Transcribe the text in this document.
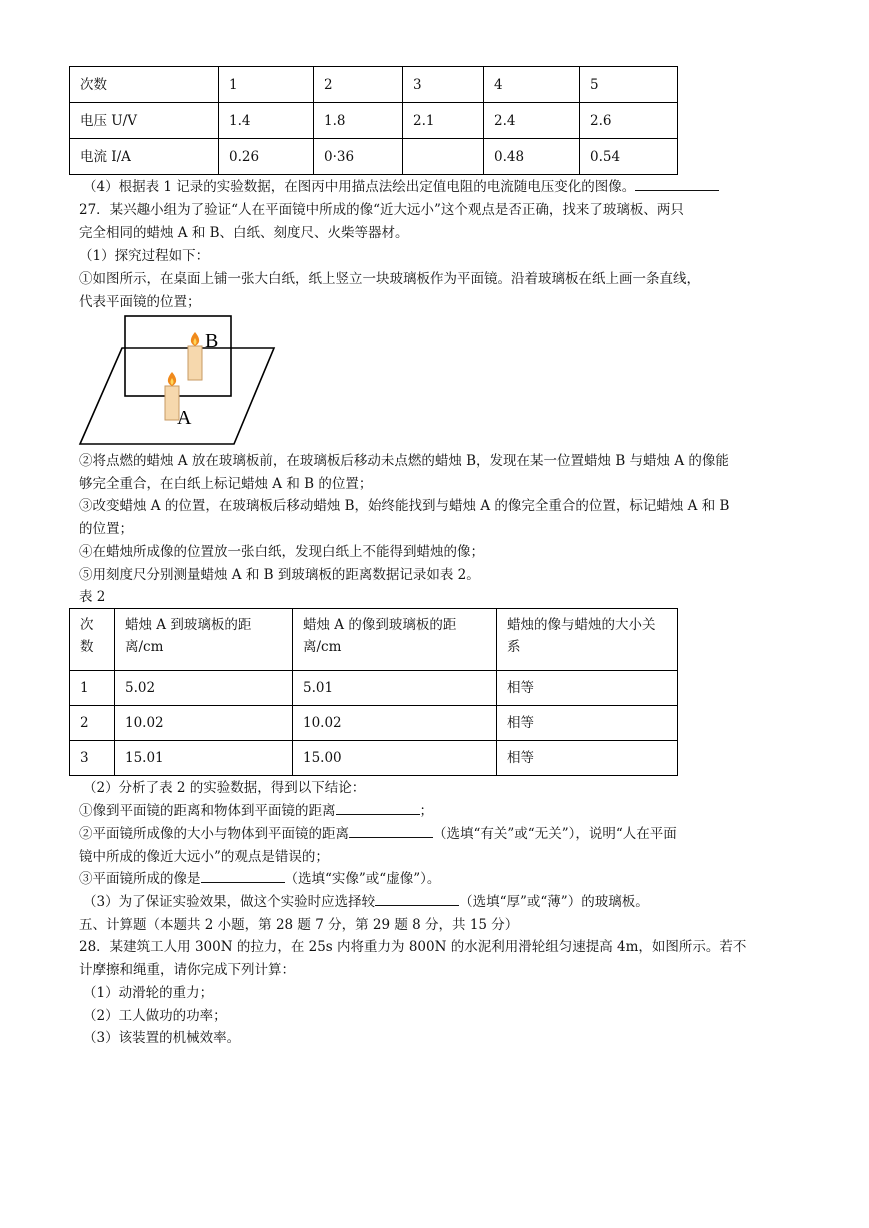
次数	1	2	3	4	5
电压 U/V	1.4	1.8	2.1	2.4	2.6
电流 I/A	0.26	0·36		0.48	0.54
（4）根据表 1 记录的实验数据，在图丙中用描点法绘出定值电阻的电流随电压变化的图像。
27．某兴趣小组为了验证“人在平面镜中所成的像“近大远小”这个观点是否正确，找来了玻璃板、两只
完全相同的蜡烛 A 和 B、白纸、刻度尺、火柴等器材。
（1）探究过程如下：
①如图所示，在桌面上铺一张大白纸，纸上竖立一块玻璃板作为平面镜。沿着玻璃板在纸上画一条直线，
代表平面镜的位置；
B
A
②将点燃的蜡烛 A 放在玻璃板前，在玻璃板后移动未点燃的蜡烛 B，发现在某一位置蜡烛 B 与蜡烛 A 的像能
够完全重合，在白纸上标记蜡烛 A 和 B 的位置；
③改变蜡烛 A 的位置，在玻璃板后移动蜡烛 B，始终能找到与蜡烛 A 的像完全重合的位置，标记蜡烛 A 和 B
的位置；
④在蜡烛所成像的位置放一张白纸，发现白纸上不能得到蜡烛的像；
⑤用刻度尺分别测量蜡烛 A 和 B 到玻璃板的距离数据记录如表 2。
表 2
次数	蜡烛 A 到玻璃板的距离/cm	蜡烛 A 的像到玻璃板的距离/cm	蜡烛的像与蜡烛的大小关系
1	5.02	5.01	相等
2	10.02	10.02	相等
3	15.01	15.00	相等
（2）分析了表 2 的实验数据，得到以下结论：
①像到平面镜的距离和物体到平面镜的距离	；
②平面镜所成像的大小与物体到平面镜的距离	（选填“有关”或“无关”），说明“人在平面
镜中所成的像近大远小”的观点是错误的；
③平面镜所成的像是	（选填“实像”或“虚像”）。
（3）为了保证实验效果，做这个实验时应选择较	（选填“厚”或“薄”）的玻璃板。
五、计算题（本题共 2 小题，第 28 题 7 分，第 29 题 8 分，共 15 分）
28．某建筑工人用 300N 的拉力，在 25s 内将重力为 800N 的水泥利用滑轮组匀速提高 4m，如图所示。若不
计摩擦和绳重，请你完成下列计算：
（1）动滑轮的重力；
（2）工人做功的功率；
（3）该装置的机械效率。
